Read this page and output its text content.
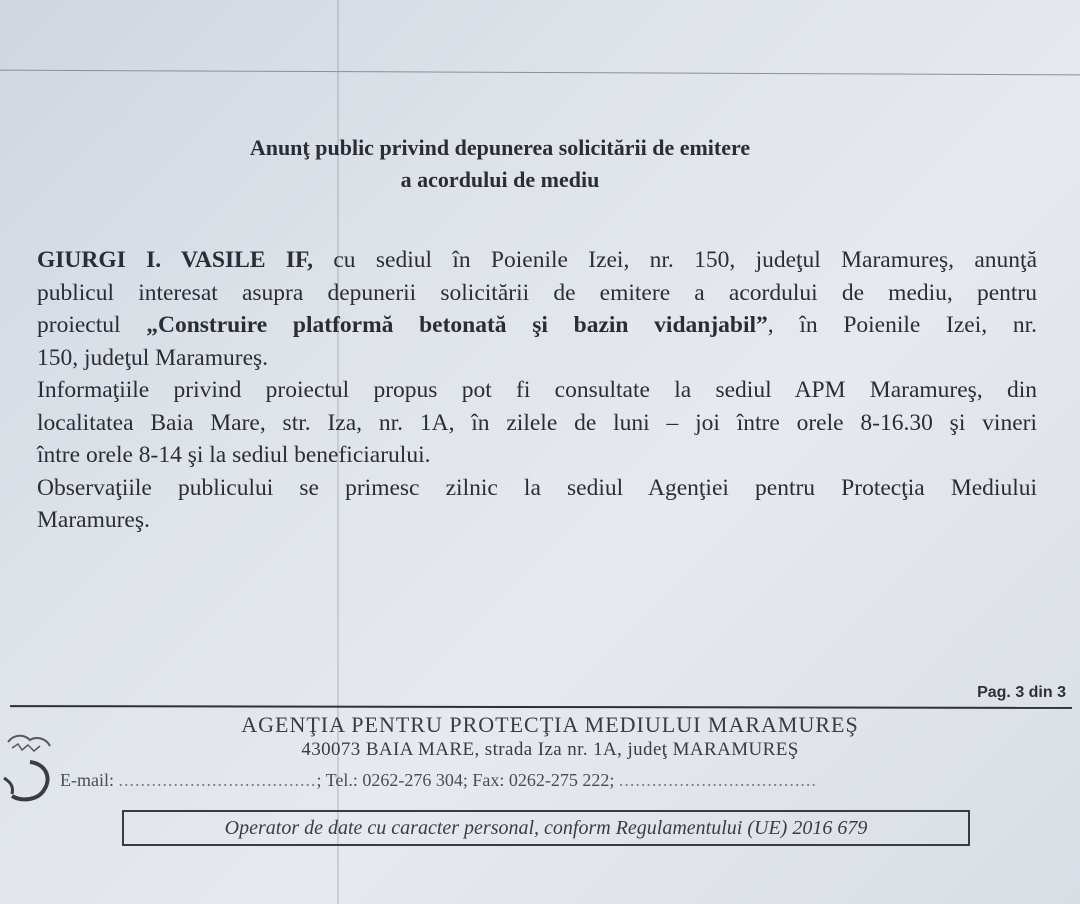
Anunţ public privind depunerea solicitării de emitere
a acordului de mediu
GIURGI I. VASILE IF, cu sediul în Poienile Izei, nr. 150, judeţul Maramureş, anunţă
publicul interesat asupra depunerii solicitării de emitere a acordului de mediu, pentru
proiectul „Construire platformă betonată şi bazin vidanjabil”, în Poienile Izei, nr.
150, judeţul Maramureş.
Informaţiile privind proiectul propus pot fi consultate la sediul APM Maramureş, din
localitatea Baia Mare, str. Iza, nr. 1A, în zilele de luni – joi între orele 8-16.30 şi vineri
între orele 8-14 şi la sediul beneficiarului.
Observaţiile publicului se primesc zilnic la sediul Agenţiei pentru Protecţia Mediului
Maramureş.
Pag. 3 din 3
AGENŢIA PENTRU PROTECŢIA MEDIULUI MARAMUREŞ
430073 BAIA MARE, strada Iza nr. 1A, judeţ MARAMUREŞ
E-mail: ....................................; Tel.: 0262-276 304; Fax: 0262-275 222; ....................................
Operator de date cu caracter personal, conform Regulamentului (UE) 2016 679
